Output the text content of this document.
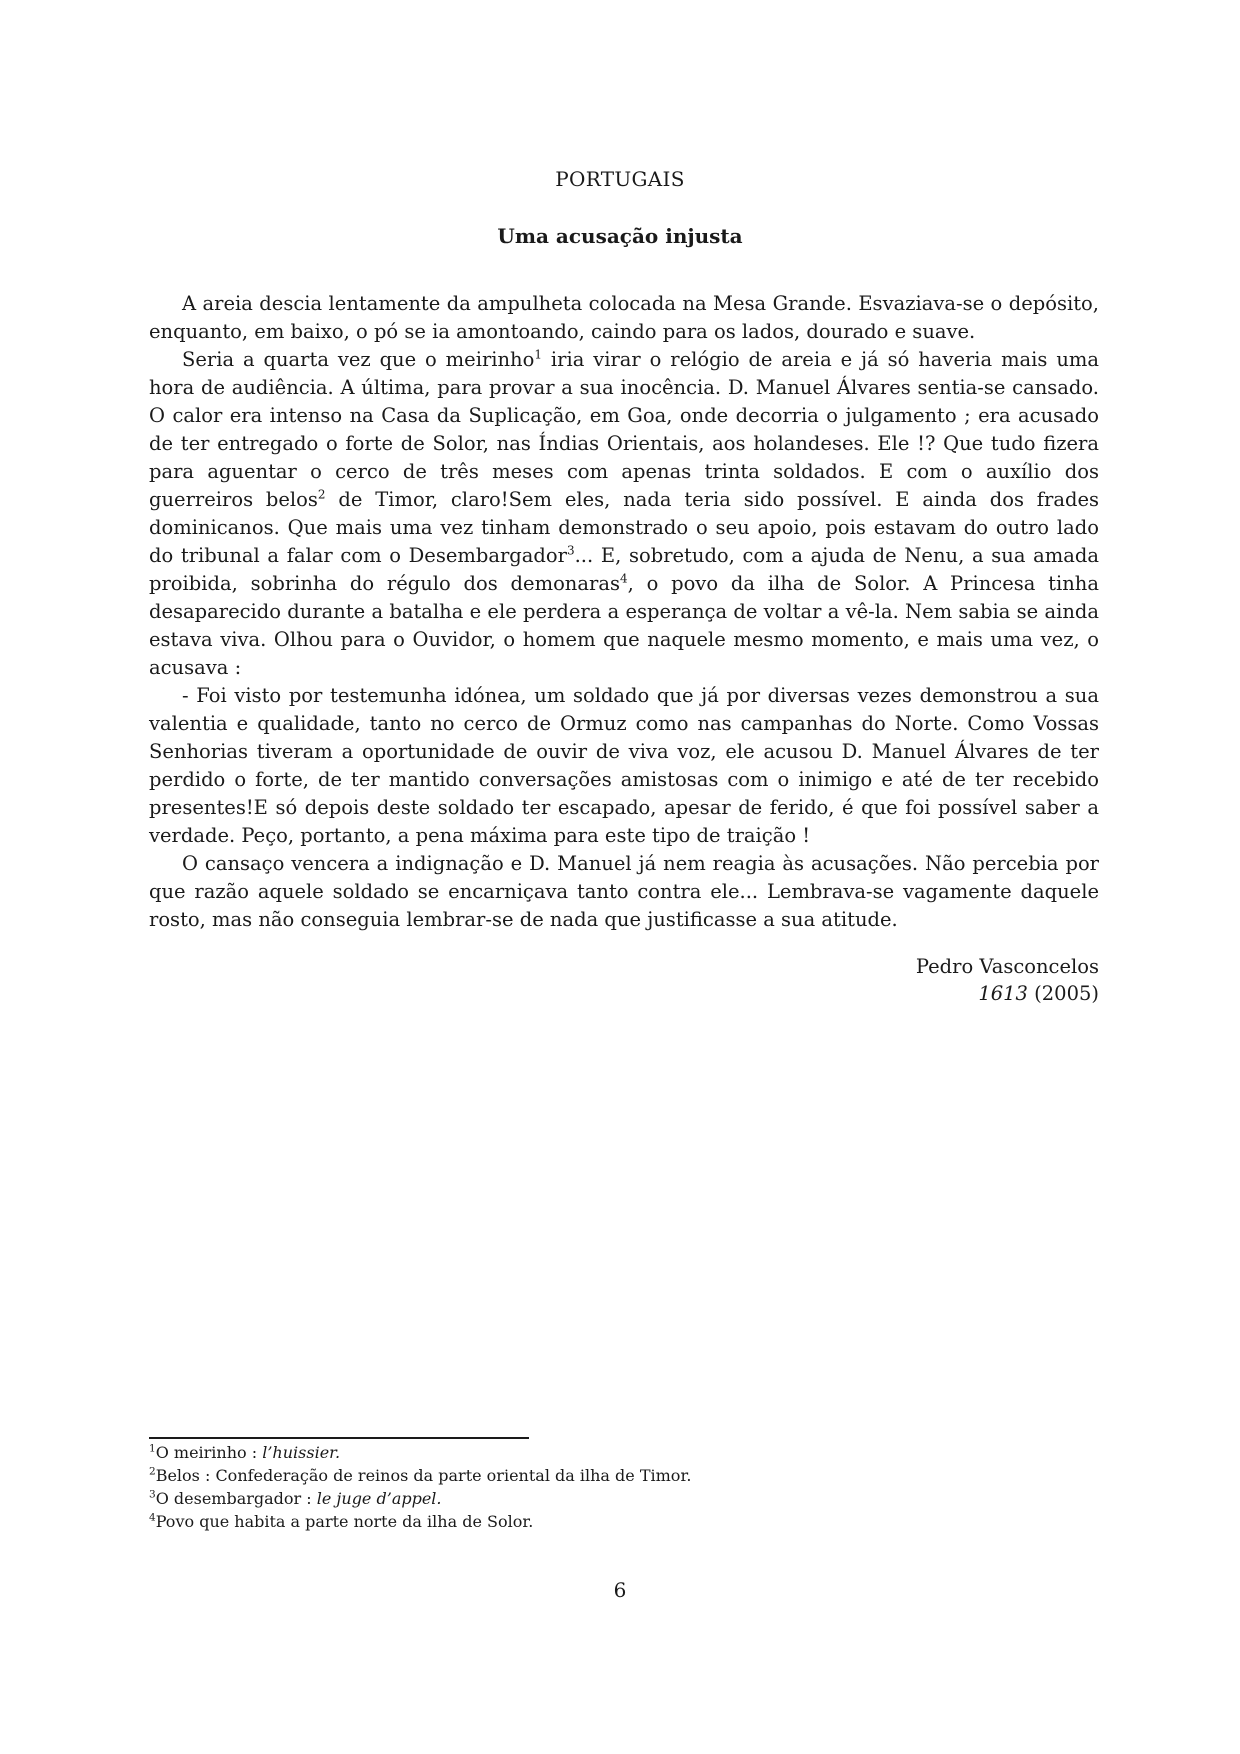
PORTUGAIS
Uma acusação injusta

A areia descia lentamente da ampulheta colocada na Mesa Grande. Esvaziava-se o depósito, enquanto, em baixo, o pó se ia amontoando, caindo para os lados, dourado e suave.

Seria a quarta vez que o meirinho$^1$ iria virar o relógio de areia e já só haveria mais uma hora de audiência. A última, para provar a sua inocência. D. Manuel Álvares sentia-se cansado. O calor era intenso na Casa da Suplicação, em Goa, onde decorria o julgamento ; era acusado de ter entregado o forte de Solor, nas Índias Orientais, aos holandeses. Ele !? Que tudo fizera para aguentar o cerco de três meses com apenas trinta soldados. E com o auxílio dos guerreiros belos$^2$ de Timor, claro!Sem eles, nada teria sido possível. E ainda dos frades dominicanos. Que mais uma vez tinham demonstrado o seu apoio, pois estavam do outro lado do tribunal a falar com o Desembargador$^3$... E, sobretudo, com a ajuda de Nenu, a sua amada proibida, sobrinha do régulo dos demonaras$^4$, o povo da ilha de Solor. A Princesa tinha desaparecido durante a batalha e ele perdera a esperança de voltar a vê-la. Nem sabia se ainda estava viva. Olhou para o Ouvidor, o homem que naquele mesmo momento, e mais uma vez, o acusava :

- Foi visto por testemunha idónea, um soldado que já por diversas vezes demonstrou a sua valentia e qualidade, tanto no cerco de Ormuz como nas campanhas do Norte. Como Vossas Senhorias tiveram a oportunidade de ouvir de viva voz, ele acusou D. Manuel Álvares de ter perdido o forte, de ter mantido conversações amistosas com o inimigo e até de ter recebido presentes!E só depois deste soldado ter escapado, apesar de ferido, é que foi possível saber a verdade. Peço, portanto, a pena máxima para este tipo de traição !

O cansaço vencera a indignação e D. Manuel já nem reagia às acusações. Não percebia por que razão aquele soldado se encarniçava tanto contra ele... Lembrava-se vagamente daquele rosto, mas não conseguia lembrar-se de nada que justificasse a sua atitude.

Pedro Vasconcelos
1613 (2005)
$^1$O meirinho : l’huissier.
$^2$Belos : Confederação de reinos da parte oriental da ilha de Timor.
$^3$O desembargador : le juge d’appel.
$^4$Povo que habita a parte norte da ilha de Solor.
6
